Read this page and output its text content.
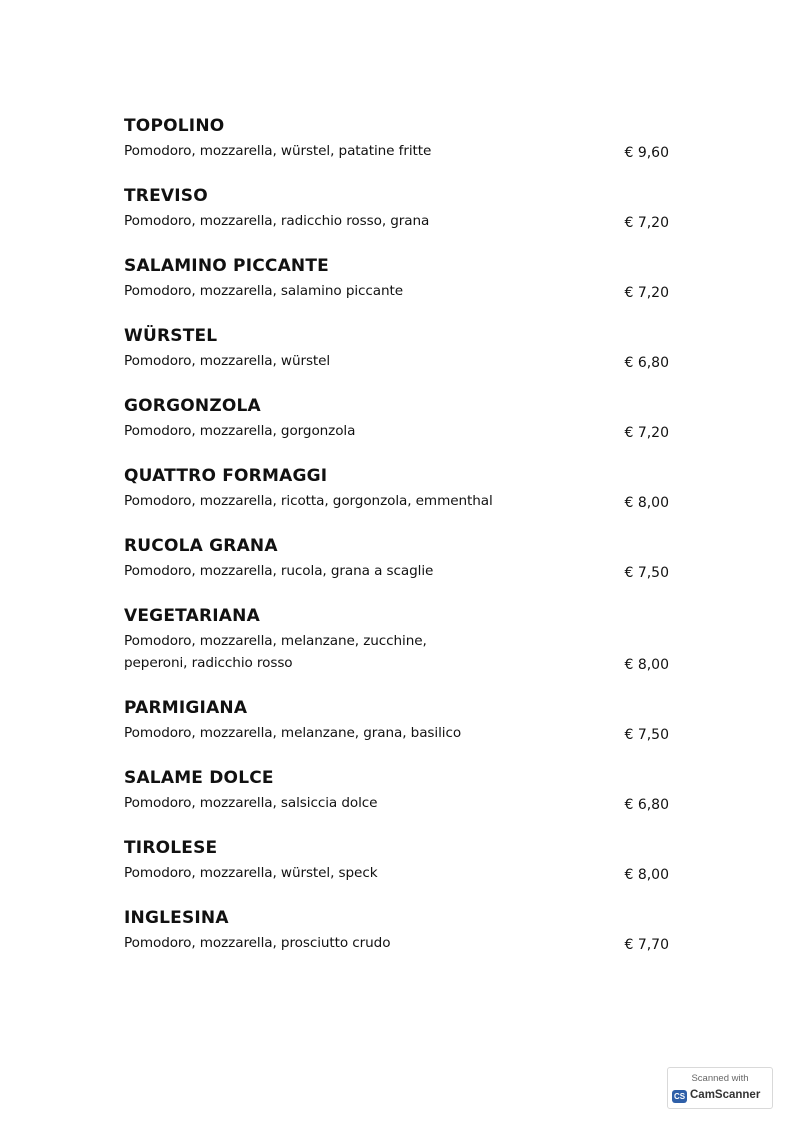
TOPOLINO
Pomodoro, mozzarella, würstel, patatine fritte	€ 9,60
TREVISO
Pomodoro, mozzarella, radicchio rosso, grana	€ 7,20
SALAMINO PICCANTE
Pomodoro, mozzarella, salamino piccante	€ 7,20
WÜRSTEL
Pomodoro, mozzarella, würstel	€ 6,80
GORGONZOLA
Pomodoro, mozzarella, gorgonzola	€ 7,20
QUATTRO FORMAGGI
Pomodoro, mozzarella, ricotta, gorgonzola, emmenthal	€ 8,00
RUCOLA GRANA
Pomodoro, mozzarella, rucola, grana a scaglie	€ 7,50
VEGETARIANA
Pomodoro, mozzarella, melanzane, zucchine,
peperoni, radicchio rosso	€ 8,00
PARMIGIANA
Pomodoro, mozzarella, melanzane, grana, basilico	€ 7,50
SALAME DOLCE
Pomodoro, mozzarella, salsiccia dolce	€ 6,80
TIROLESE
Pomodoro, mozzarella, würstel, speck	€ 8,00
INGLESINA
Pomodoro, mozzarella, prosciutto crudo	€ 7,70
Scanned with
CS CamScanner
